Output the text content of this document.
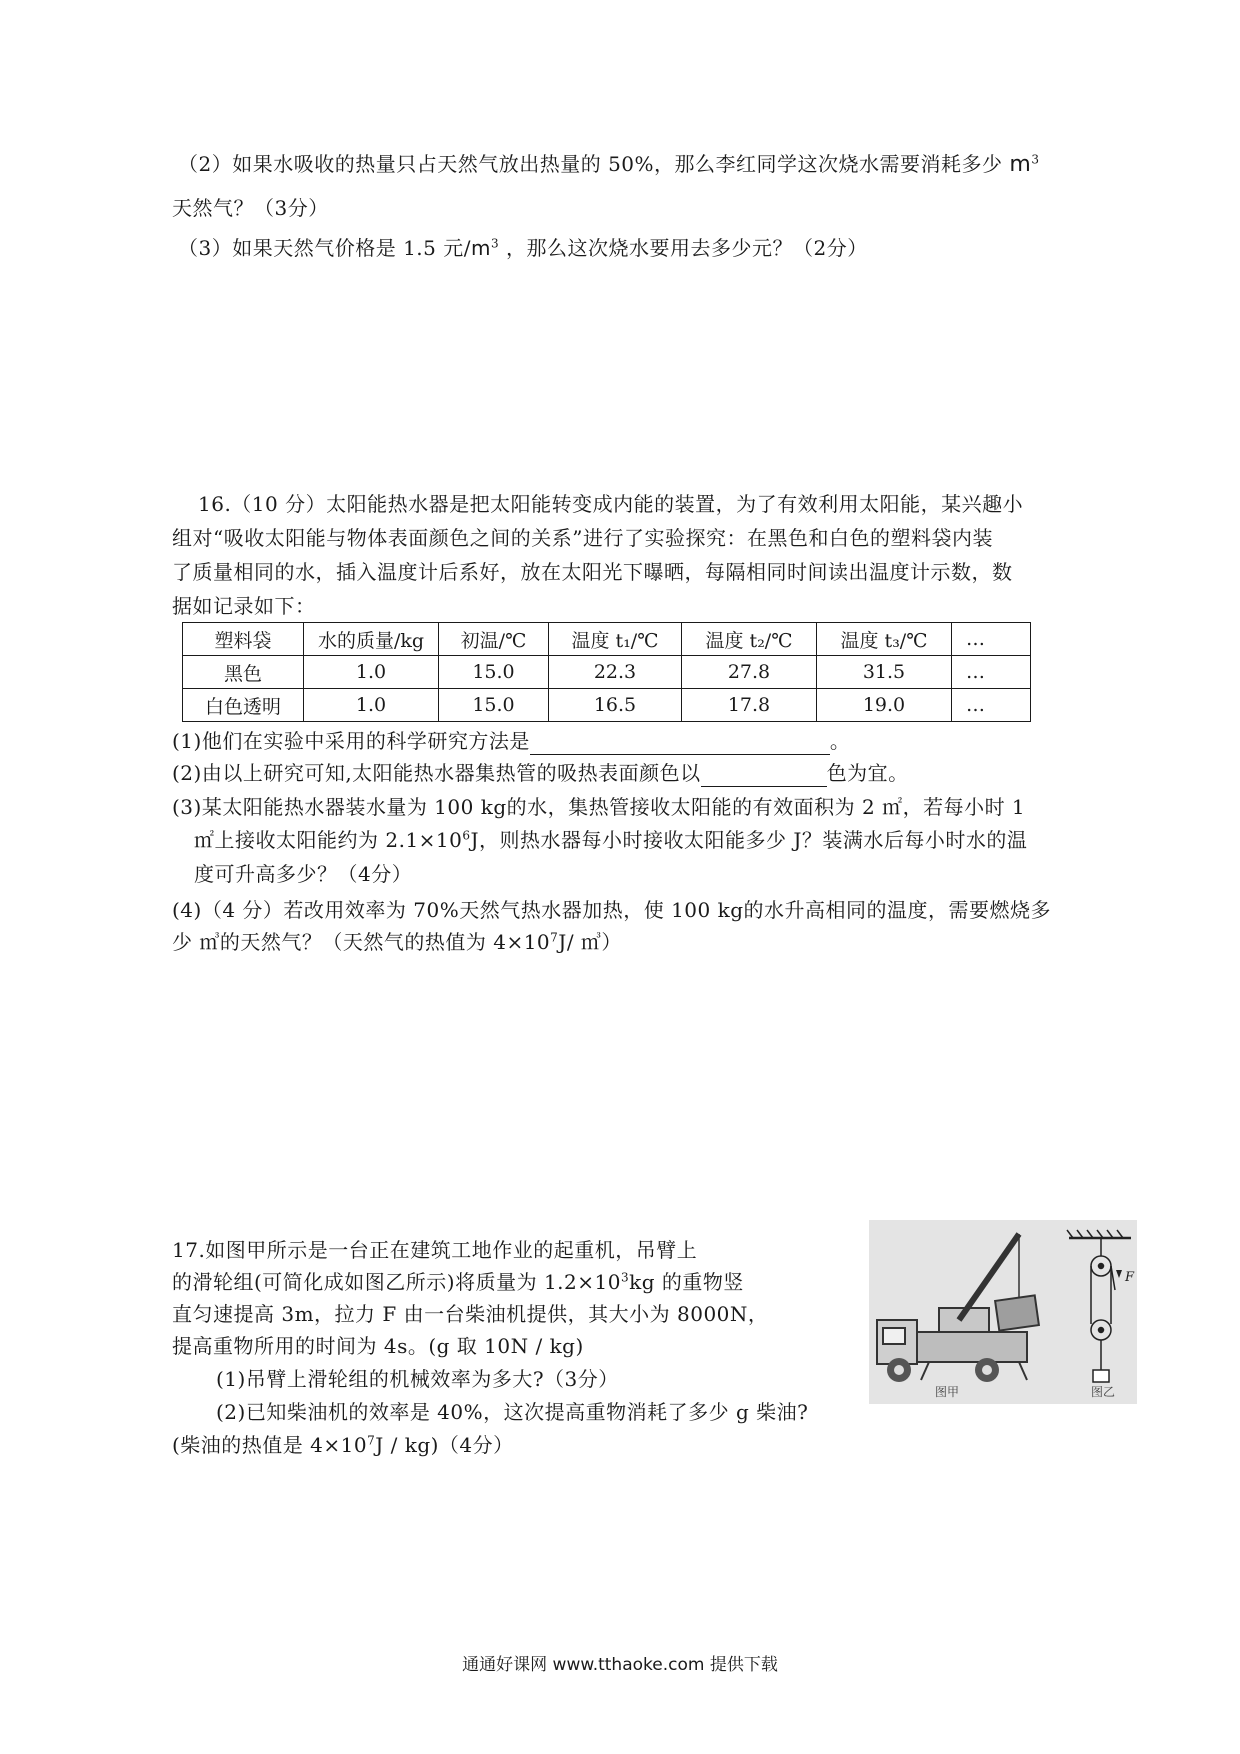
（2）如果水吸收的热量只占天然气放出热量的 50%，那么李红同学这次烧水需要消耗多少 $m^3$
天然气？（3分）
（3）如果天然气价格是 1.5 元$/m^3$ ，那么这次烧水要用去多少元？（2分）
16.（10 分）太阳能热水器是把太阳能转变成内能的装置，为了有效利用太阳能，某兴趣小
组对“吸收太阳能与物体表面颜色之间的关系”进行了实验探究：在黑色和白色的塑料袋内装
了质量相同的水，插入温度计后系好，放在太阳光下曝晒，每隔相同时间读出温度计示数，数
据如记录如下：
塑料袋	水的质量/kg	初温/℃	温度 t₁/℃	温度 t₂/℃	温度 t₃/℃	…
黑色	1.0	15.0	22.3	27.8	31.5	…
白色透明	1.0	15.0	16.5	17.8	19.0	…
(1)他们在实验中采用的科学研究方法是	。
(2)由以上研究可知,太阳能热水器集热管的吸热表面颜色以	色为宜。
(3)某太阳能热水器装水量为 100 kg的水，集热管接收太阳能的有效面积为 2 ㎡，若每小时 1
㎡上接收太阳能约为 $2.1\times 10^6J$，则热水器每小时接收太阳能多少 J？装满水后每小时水的温
度可升高多少？（4分）
(4)（4 分）若改用效率为 70%天然气热水器加热，使 100 kg的水升高相同的温度，需要燃烧多
少 ㎥的天然气？（天然气的热值为 $4\times 10^7J/$ ㎥）
17.如图甲所示是一台正在建筑工地作业的起重机，吊臂上
的滑轮组(可简化成如图乙所示)将质量为 $1.2\times 10^3kg$ 的重物竖
直匀速提高 3m，拉力 F 由一台柴油机提供，其大小为 8000N，
提高重物所用的时间为 4s。(g 取 10N / kg)
(1)吊臂上滑轮组的机械效率为多大?（3分）
(2)已知柴油机的效率是 40%，这次提高重物消耗了多少 g 柴油?
(柴油的热值是 $4\times 10^7J / kg)(4$分）
F
图甲	图乙
通通好课网 www.tthaoke.com 提供下载
